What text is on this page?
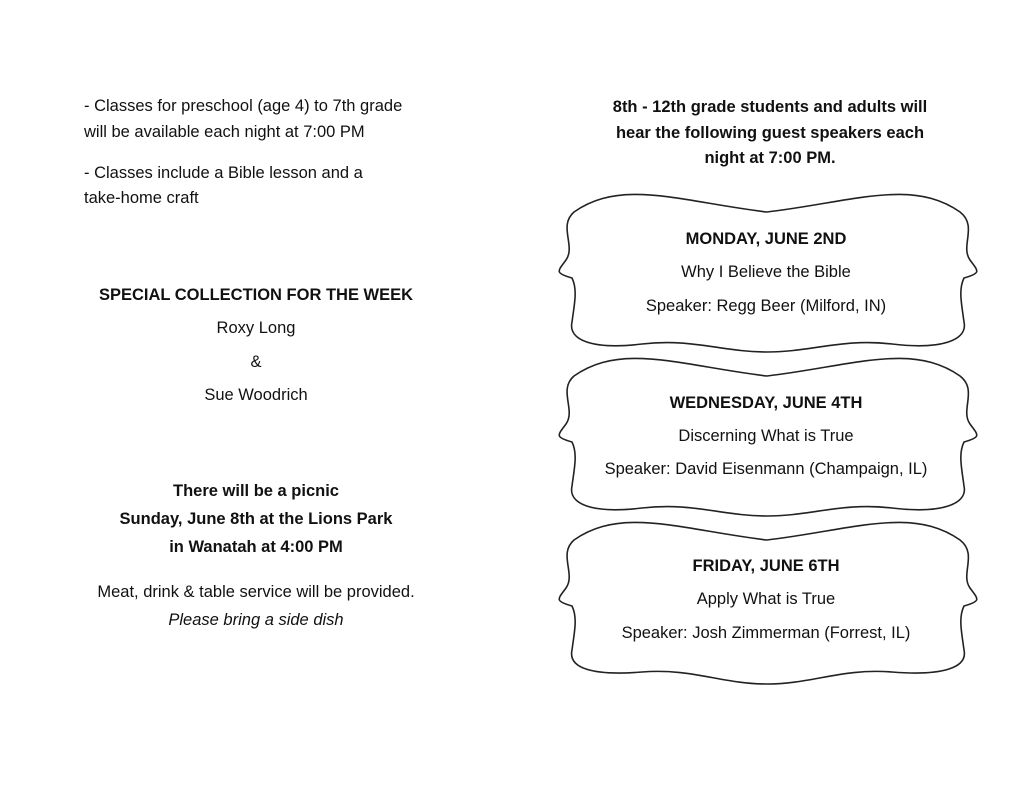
- Classes for preschool (age 4) to 7th grade
will be available each night at 7:00 PM
- Classes include a Bible lesson and a
take-home craft
SPECIAL COLLECTION FOR THE WEEK
Roxy Long
&
Sue Woodrich
There will be a picnic
Sunday, June 8th at the Lions Park
in Wanatah at 4:00 PM
Meat, drink & table service will be provided.
Please bring a side dish
8th - 12th grade students and adults will
hear the following guest speakers each
night at 7:00 PM.
MONDAY, JUNE 2ND
Why I Believe the Bible
Speaker: Regg Beer (Milford, IN)
WEDNESDAY, JUNE 4TH
Discerning What is True
Speaker: David Eisenmann (Champaign, IL)
FRIDAY, JUNE 6TH
Apply What is True
Speaker: Josh Zimmerman (Forrest, IL)
